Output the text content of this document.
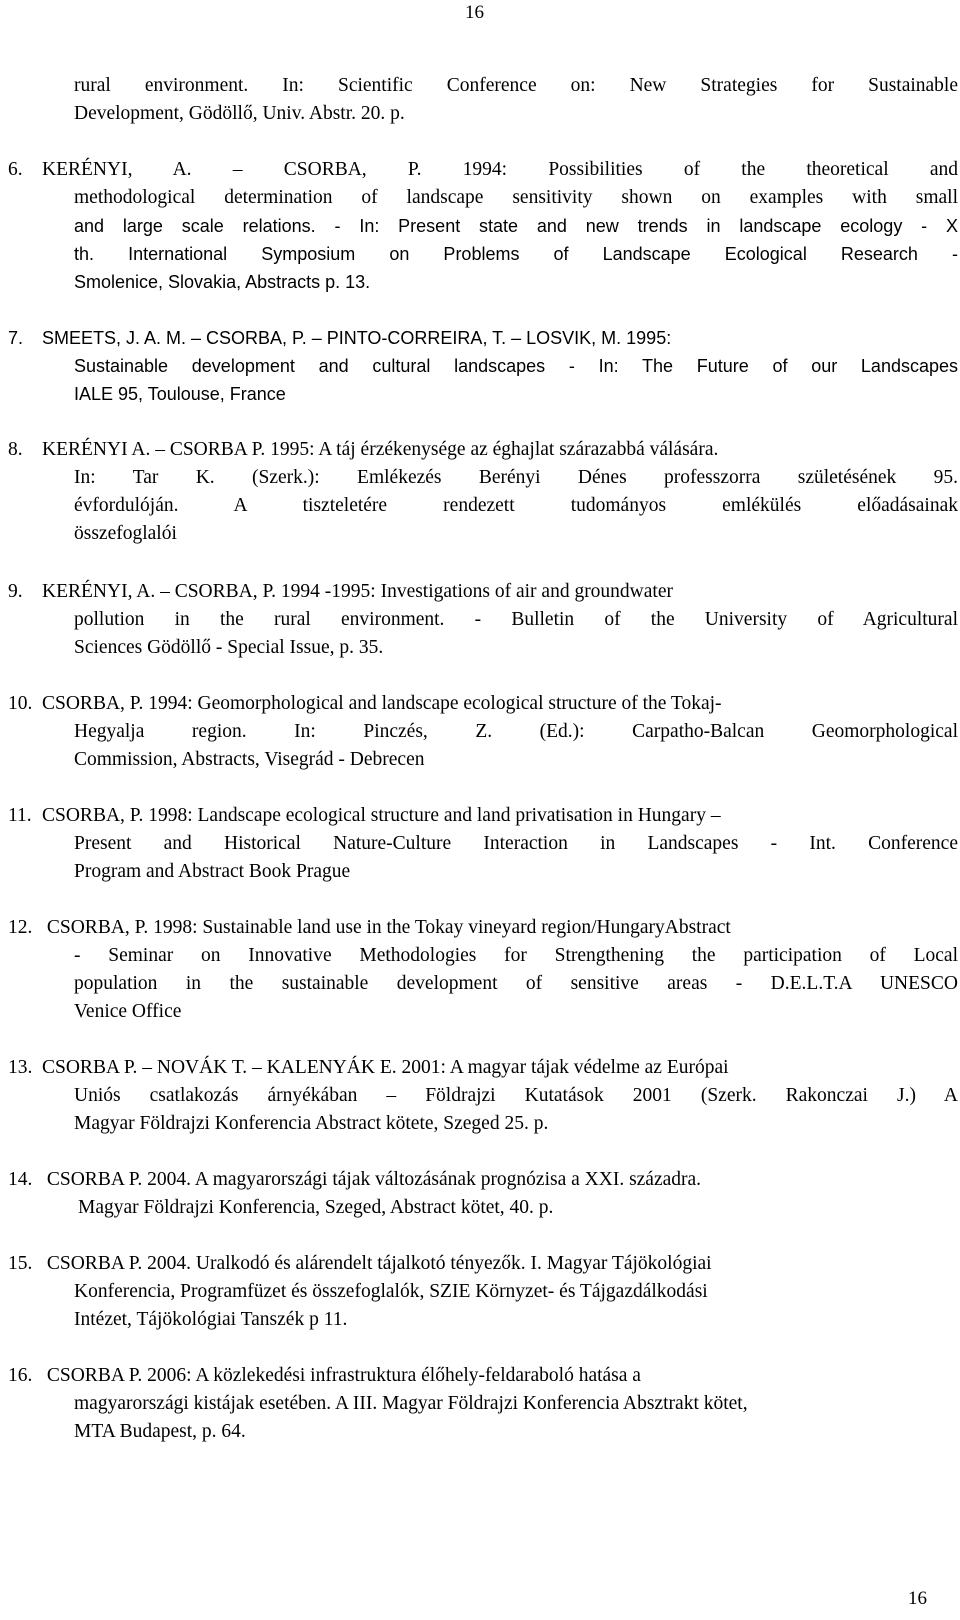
16
rural environment. In: Scientific Conference on: New Strategies for Sustainable
Development, Gödöllő, Univ. Abstr. 20. p.
6. KERÉNYI, A. – CSORBA, P. 1994: Possibilities of the theoretical and
methodological determination of landscape sensitivity shown on examples with small
and large scale relations. - In: Present state and new trends in landscape ecology - X
th. International Symposium on Problems of Landscape Ecological Research -
Smolenice, Slovakia, Abstracts p. 13.
7. SMEETS, J. A. M. – CSORBA, P. – PINTO-CORREIRA, T. – LOSVIK, M. 1995:
Sustainable development and cultural landscapes - In: The Future of our Landscapes
IALE 95, Toulouse, France
8. KERÉNYI A. – CSORBA P. 1995: A táj érzékenysége az éghajlat szárazabbá válására.
In: Tar K. (Szerk.): Emlékezés Berényi Dénes professzorra születésének 95.
évfordulóján. A tiszteletére rendezett tudományos emlékülés előadásainak
összefoglalói
9. KERÉNYI, A. – CSORBA, P. 1994 -1995: Investigations of air and groundwater
pollution in the rural environment. - Bulletin of the University of Agricultural
Sciences Gödöllő - Special Issue, p. 35.
10. CSORBA, P. 1994: Geomorphological and landscape ecological structure of the Tokaj-
Hegyalja region. In: Pinczés, Z. (Ed.): Carpatho-Balcan Geomorphological
Commission, Abstracts, Visegrád - Debrecen
11. CSORBA, P. 1998: Landscape ecological structure and land privatisation in Hungary –
Present and Historical Nature-Culture Interaction in Landscapes - Int. Conference
Program and Abstract Book Prague
12. CSORBA, P. 1998: Sustainable land use in the Tokay vineyard region/HungaryAbstract
- Seminar on Innovative Methodologies for Strengthening the participation of Local
population in the sustainable development of sensitive areas - D.E.L.T.A UNESCO
Venice Office
13. CSORBA P. – NOVÁK T. – KALENYÁK E. 2001: A magyar tájak védelme az Európai
Uniós csatlakozás árnyékában – Földrajzi Kutatások 2001 (Szerk. Rakonczai J.) A
Magyar Földrajzi Konferencia Abstract kötete, Szeged 25. p.
14. CSORBA P. 2004. A magyarországi tájak változásának prognózisa a XXI. századra.
Magyar Földrajzi Konferencia, Szeged, Abstract kötet, 40. p.
15. CSORBA P. 2004. Uralkodó és alárendelt tájalkotó tényezők. I. Magyar Tájökológiai
Konferencia, Programfüzet és összefoglalók, SZIE Környzet- és Tájgazdálkodási
Intézet, Tájökológiai Tanszék p 11.
16. CSORBA P. 2006: A közlekedési infrastruktura élőhely-feldaraboló hatása a
magyarországi kistájak esetében. A III. Magyar Földrajzi Konferencia Absztrakt kötet,
MTA Budapest, p. 64.
16
